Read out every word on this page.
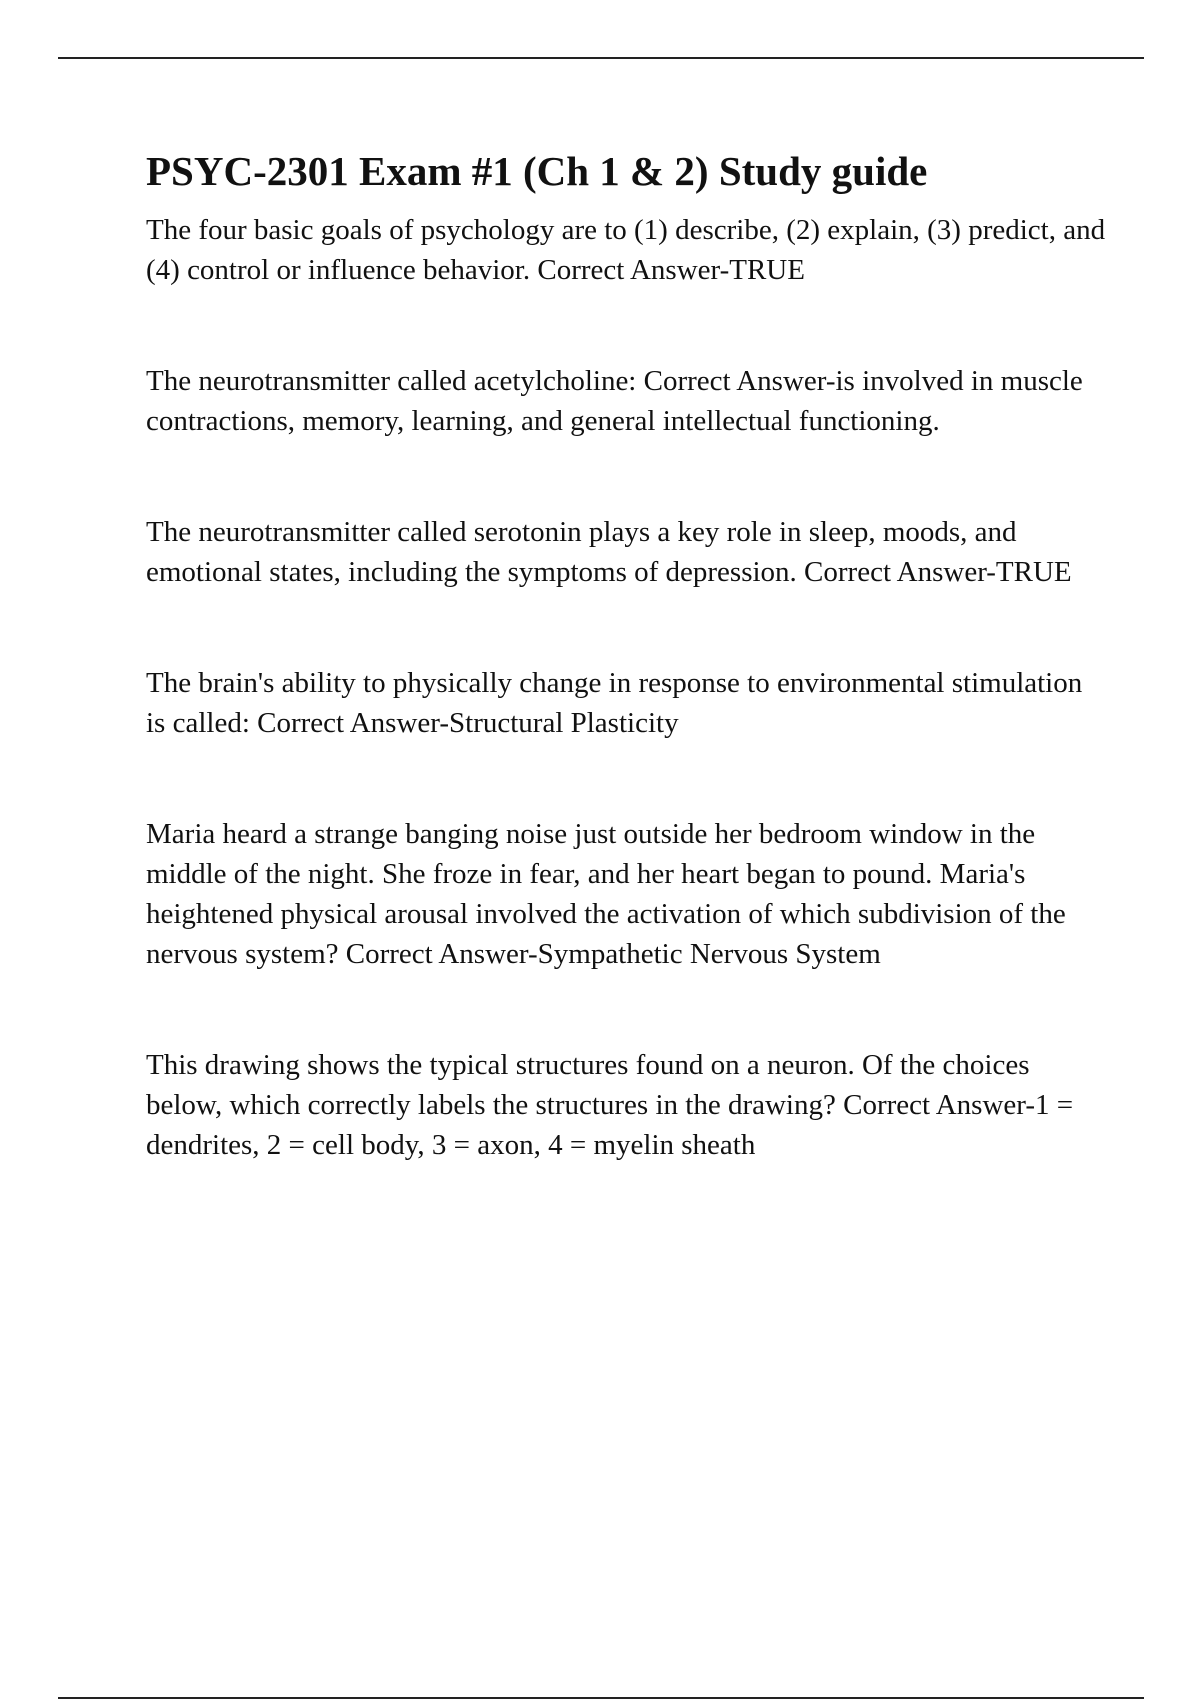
PSYC-2301 Exam #1 (Ch 1 & 2) Study guide

The four basic goals of psychology are to (1) describe, (2) explain, (3) predict, and (4) control or influence behavior. Correct Answer-TRUE

The neurotransmitter called acetylcholine: Correct Answer-is involved in muscle contractions, memory, learning, and general intellectual functioning.

The neurotransmitter called serotonin plays a key role in sleep, moods, and emotional states, including the symptoms of depression. Correct Answer-TRUE

The brain's ability to physically change in response to environmental stimulation is called: Correct Answer-Structural Plasticity

Maria heard a strange banging noise just outside her bedroom window in the middle of the night. She froze in fear, and her heart began to pound. Maria's heightened physical arousal involved the activation of which subdivision of the nervous system? Correct Answer-Sympathetic Nervous System

This drawing shows the typical structures found on a neuron. Of the choices below, which correctly labels the structures in the drawing? Correct Answer-1 = dendrites, 2 = cell body, 3 = axon, 4 = myelin sheath
